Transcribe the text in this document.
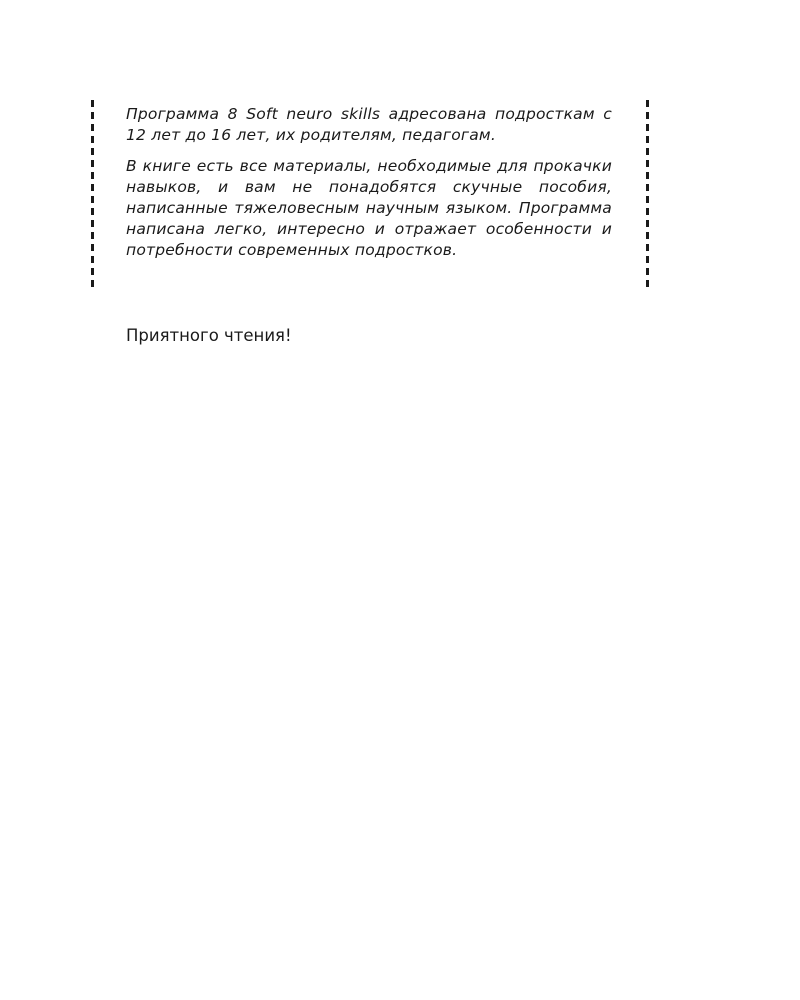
Программа 8 Soft neuro skills адресована подросткам с 12 лет до 16 лет, их родителям, педагогам.

В книге есть все материалы, необходимые для прокачки навыков, и вам не понадобятся скучные пособия, написанные тяжеловесным научным языком. Программа написана легко, интересно и отражает особенности и потребности современных подростков.

Приятного чтения!
